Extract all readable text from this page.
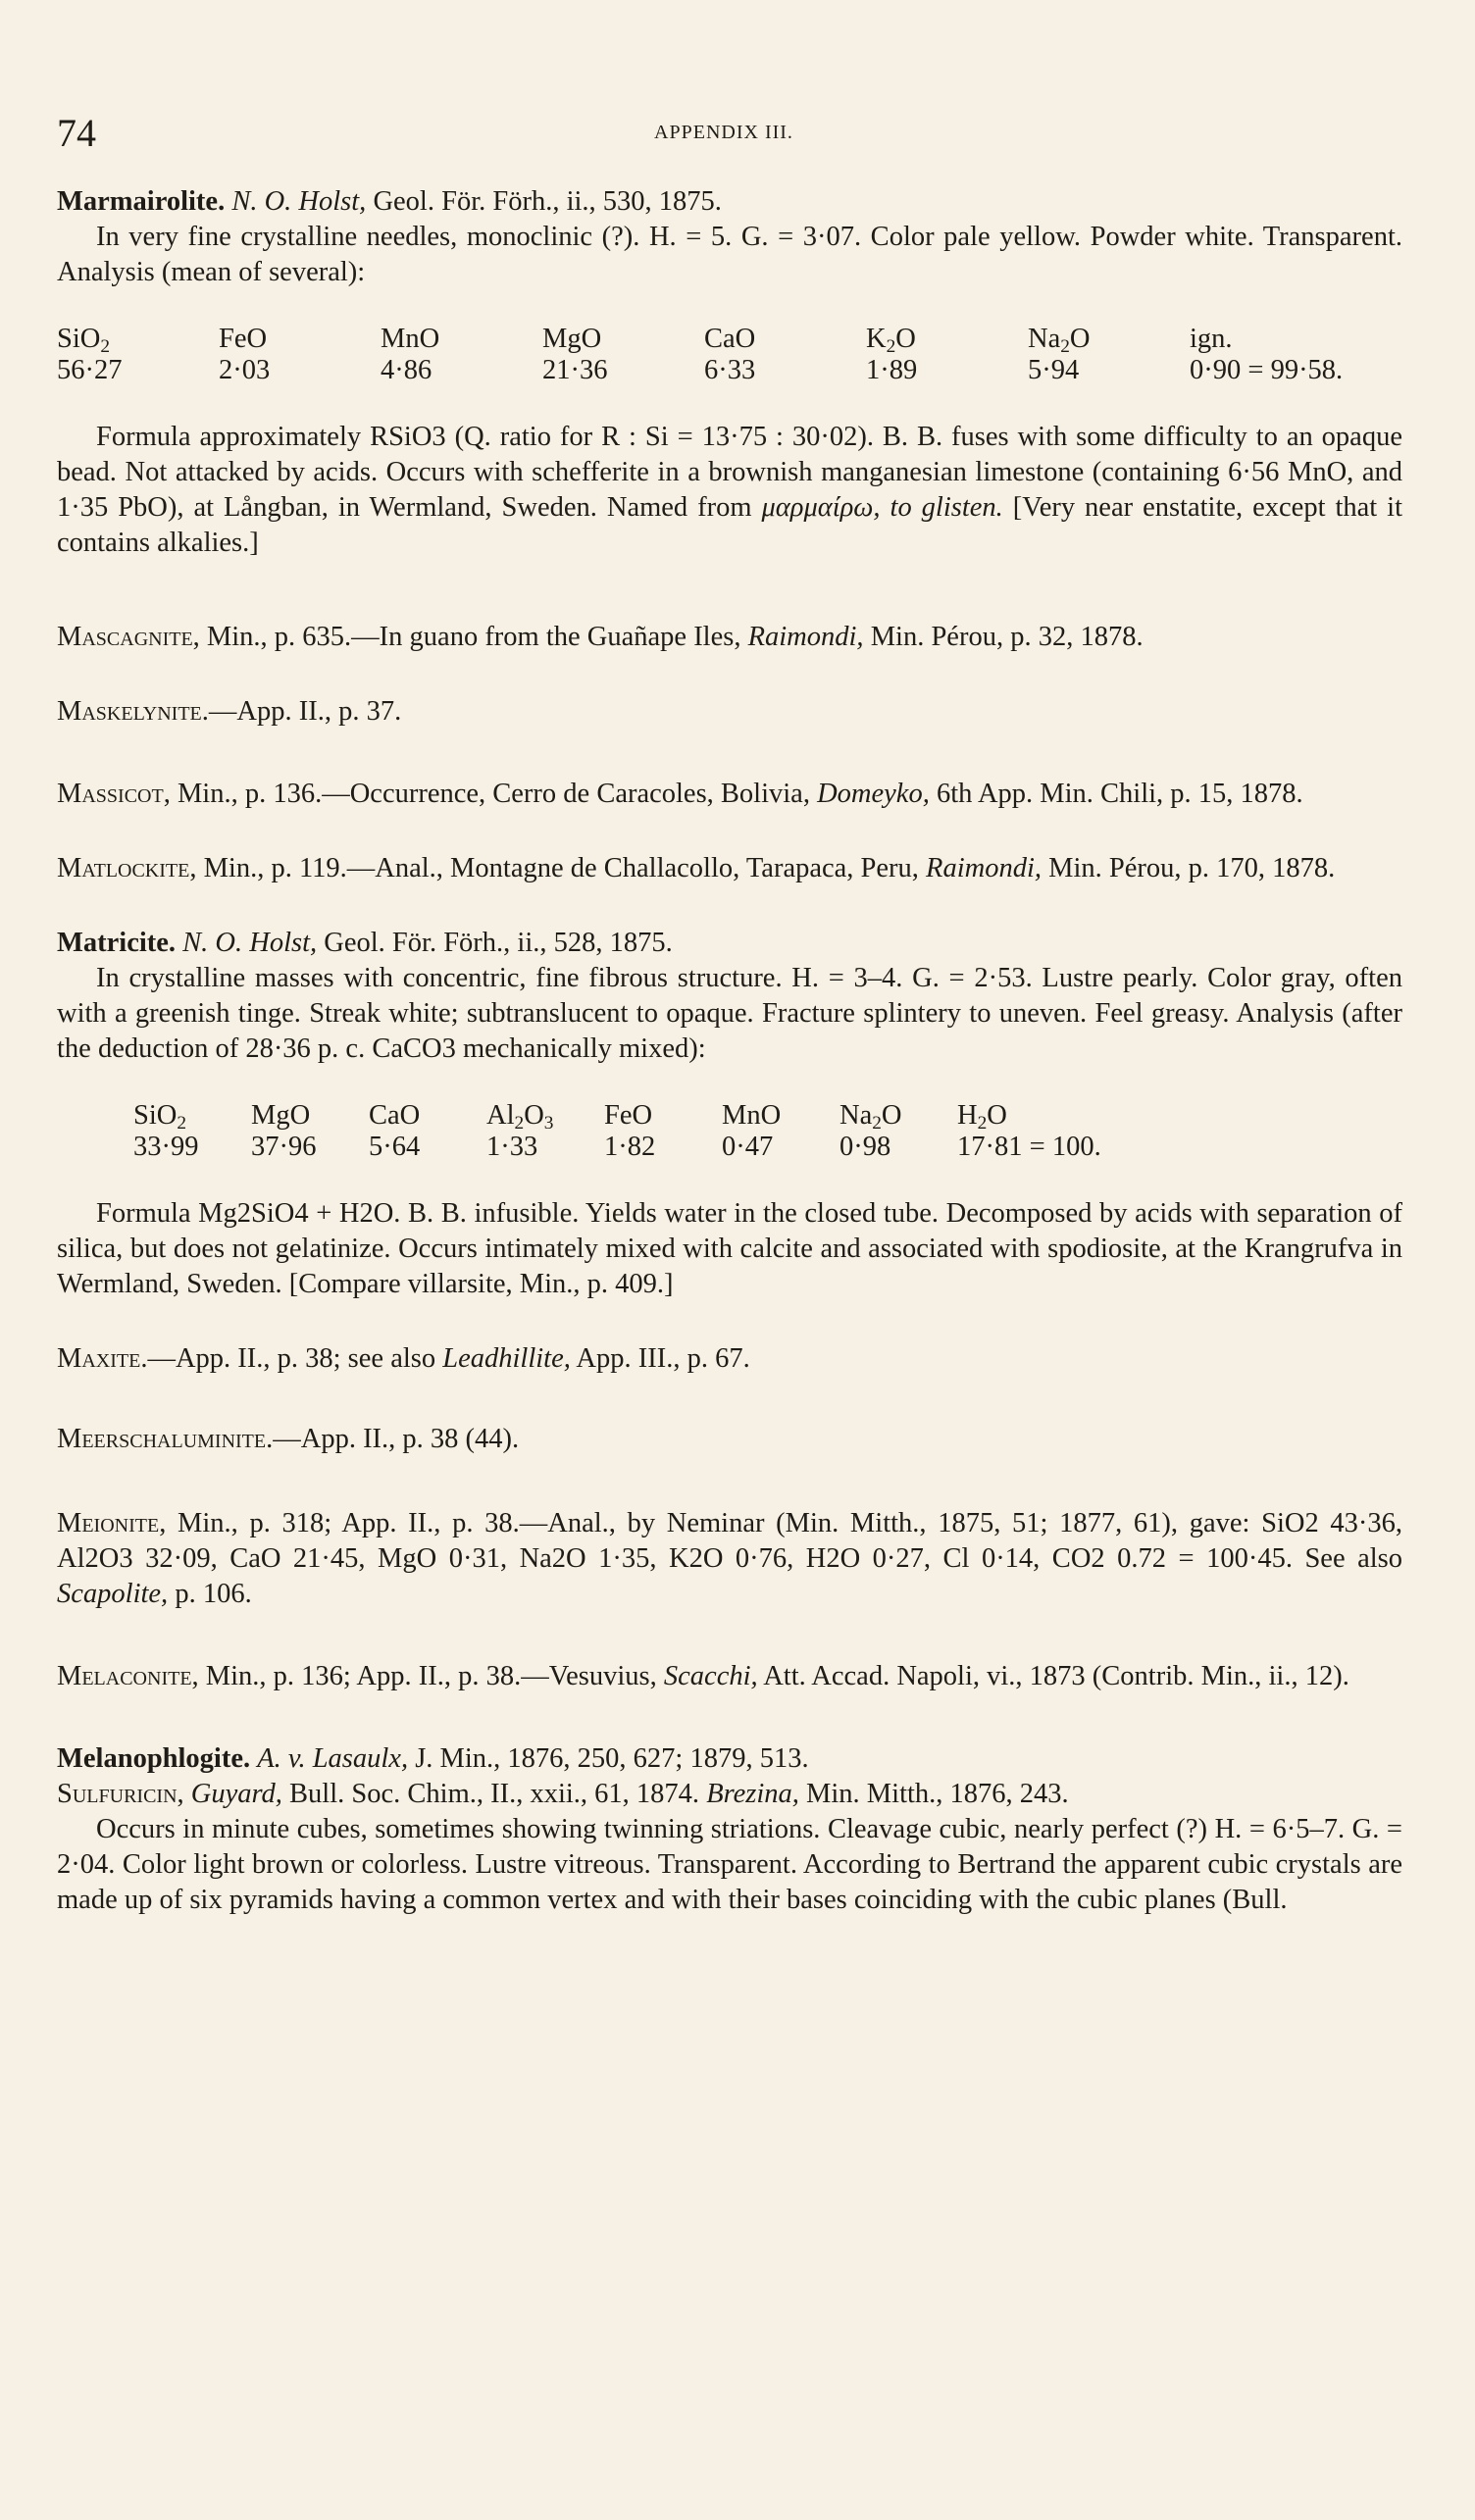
74	APPENDIX III.

Marmairolite. N. O. Holst, Geol. För. Förh., ii., 530, 1875.

In very fine crystalline needles, monoclinic (?). H. = 5. G. = 3·07. Color pale yellow. Powder white. Transparent. Analysis (mean of several):

SiO$_2$	FeO	MnO	MgO	CaO	$K_2O$	$Na_2O$	ign.
56·27	2·03	4·86	21·36	6·33	1·89	5·94	0·90 = 99·58.

Formula approximately RSiO3 (Q. ratio for R : Si = 13·75 : 30·02). B. B. fuses with some difficulty to an opaque bead. Not attacked by acids. Occurs with schefferite in a brownish manganesian limestone (containing 6·56 MnO, and 1·35 PbO), at Långban, in Wermland, Sweden. Named from μαρμαίρω, to glisten. [Very near enstatite, except that it contains alkalies.]

Mascagnite, Min., p. 635.—In guano from the Guañape Iles, Raimondi, Min. Pérou, p. 32, 1878.

Maskelynite.—App. II., p. 37.

Massicot, Min., p. 136.—Occurrence, Cerro de Caracoles, Bolivia, Domeyko, 6th App. Min. Chili, p. 15, 1878.

Matlockite, Min., p. 119.—Anal., Montagne de Challacollo, Tarapaca, Peru, Raimondi, Min. Pérou, p. 170, 1878.

Matricite. N. O. Holst, Geol. För. Förh., ii., 528, 1875.

In crystalline masses with concentric, fine fibrous structure. H. = 3–4. G. = 2·53. Lustre pearly. Color gray, often with a greenish tinge. Streak white; subtranslucent to opaque. Fracture splintery to uneven. Feel greasy. Analysis (after the deduction of 28·36 p. c. CaCO3 mechanically mixed):

SiO$_2$	MgO	CaO	$Al_2O_3$	FeO	MnO	$Na_2O$	$H_2O$
33·99	37·96	5·64	1·33	1·82	0·47	0·98	17·81 = 100.

Formula Mg2SiO4 + H2O. B. B. infusible. Yields water in the closed tube. Decomposed by acids with separation of silica, but does not gelatinize. Occurs intimately mixed with calcite and associated with spodiosite, at the Krangrufva in Wermland, Sweden. [Compare villarsite, Min., p. 409.]

Maxite.—App. II., p. 38; see also Leadhillite, App. III., p. 67.

Meerschaluminite.—App. II., p. 38 (44).

Meionite, Min., p. 318; App. II., p. 38.—Anal., by Neminar (Min. Mitth., 1875, 51; 1877, 61), gave: SiO2 43·36, Al2O3 32·09, CaO 21·45, MgO 0·31, Na2O 1·35, K2O 0·76, H2O 0·27, Cl 0·14, CO2 0.72 = 100·45. See also Scapolite, p. 106.

Melaconite, Min., p. 136; App. II., p. 38.—Vesuvius, Scacchi, Att. Accad. Napoli, vi., 1873 (Contrib. Min., ii., 12).

Melanophlogite. A. v. Lasaulx, J. Min., 1876, 250, 627; 1879, 513.

Sulfuricin, Guyard, Bull. Soc. Chim., II., xxii., 61, 1874. Brezina, Min. Mitth., 1876, 243.

Occurs in minute cubes, sometimes showing twinning striations. Cleavage cubic, nearly perfect (?) H. = 6·5–7. G. = 2·04. Color light brown or colorless. Lustre vitreous. Transparent. According to Bertrand the apparent cubic crystals are made up of six pyramids having a common vertex and with their bases coinciding with the cubic planes (Bull.
